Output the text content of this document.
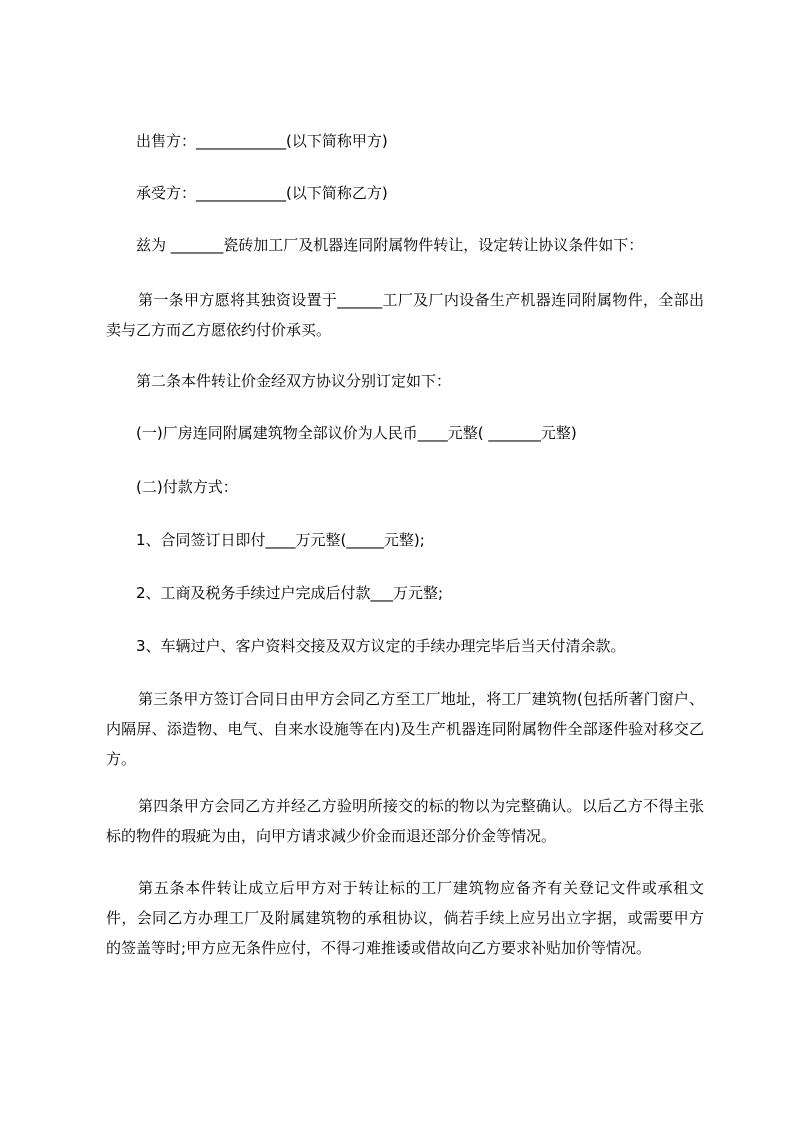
出售方：____________(以下简称甲方)

承受方：____________(以下简称乙方)

兹为 _______瓷砖加工厂及机器连同附属物件转让，设定转让协议条件如下：

第一条甲方愿将其独资设置于______工厂及厂内设备生产机器连同附属物件，全部出卖与乙方而乙方愿依约付价承买。

第二条本件转让价金经双方协议分别订定如下：

(一)厂房连同附属建筑物全部议价为人民币____元整( _______元整)

(二)付款方式：

1、合同签订日即付____万元整(_____元整);

2、工商及税务手续过户完成后付款___万元整;

3、车辆过户、客户资料交接及双方议定的手续办理完毕后当天付清余款。

第三条甲方签订合同日由甲方会同乙方至工厂地址，将工厂建筑物(包括所著门窗户、内隔屏、添造物、电气、自来水设施等在内)及生产机器连同附属物件全部逐件验对移交乙方。

第四条甲方会同乙方并经乙方验明所接交的标的物以为完整确认。以后乙方不得主张标的物件的瑕疵为由，向甲方请求减少价金而退还部分价金等情况。

第五条本件转让成立后甲方对于转让标的工厂建筑物应备齐有关登记文件或承租文件，会同乙方办理工厂及附属建筑物的承租协议，倘若手续上应另出立字据，或需要甲方的签盖等时;甲方应无条件应付，不得刁难推诿或借故向乙方要求补贴加价等情况。
